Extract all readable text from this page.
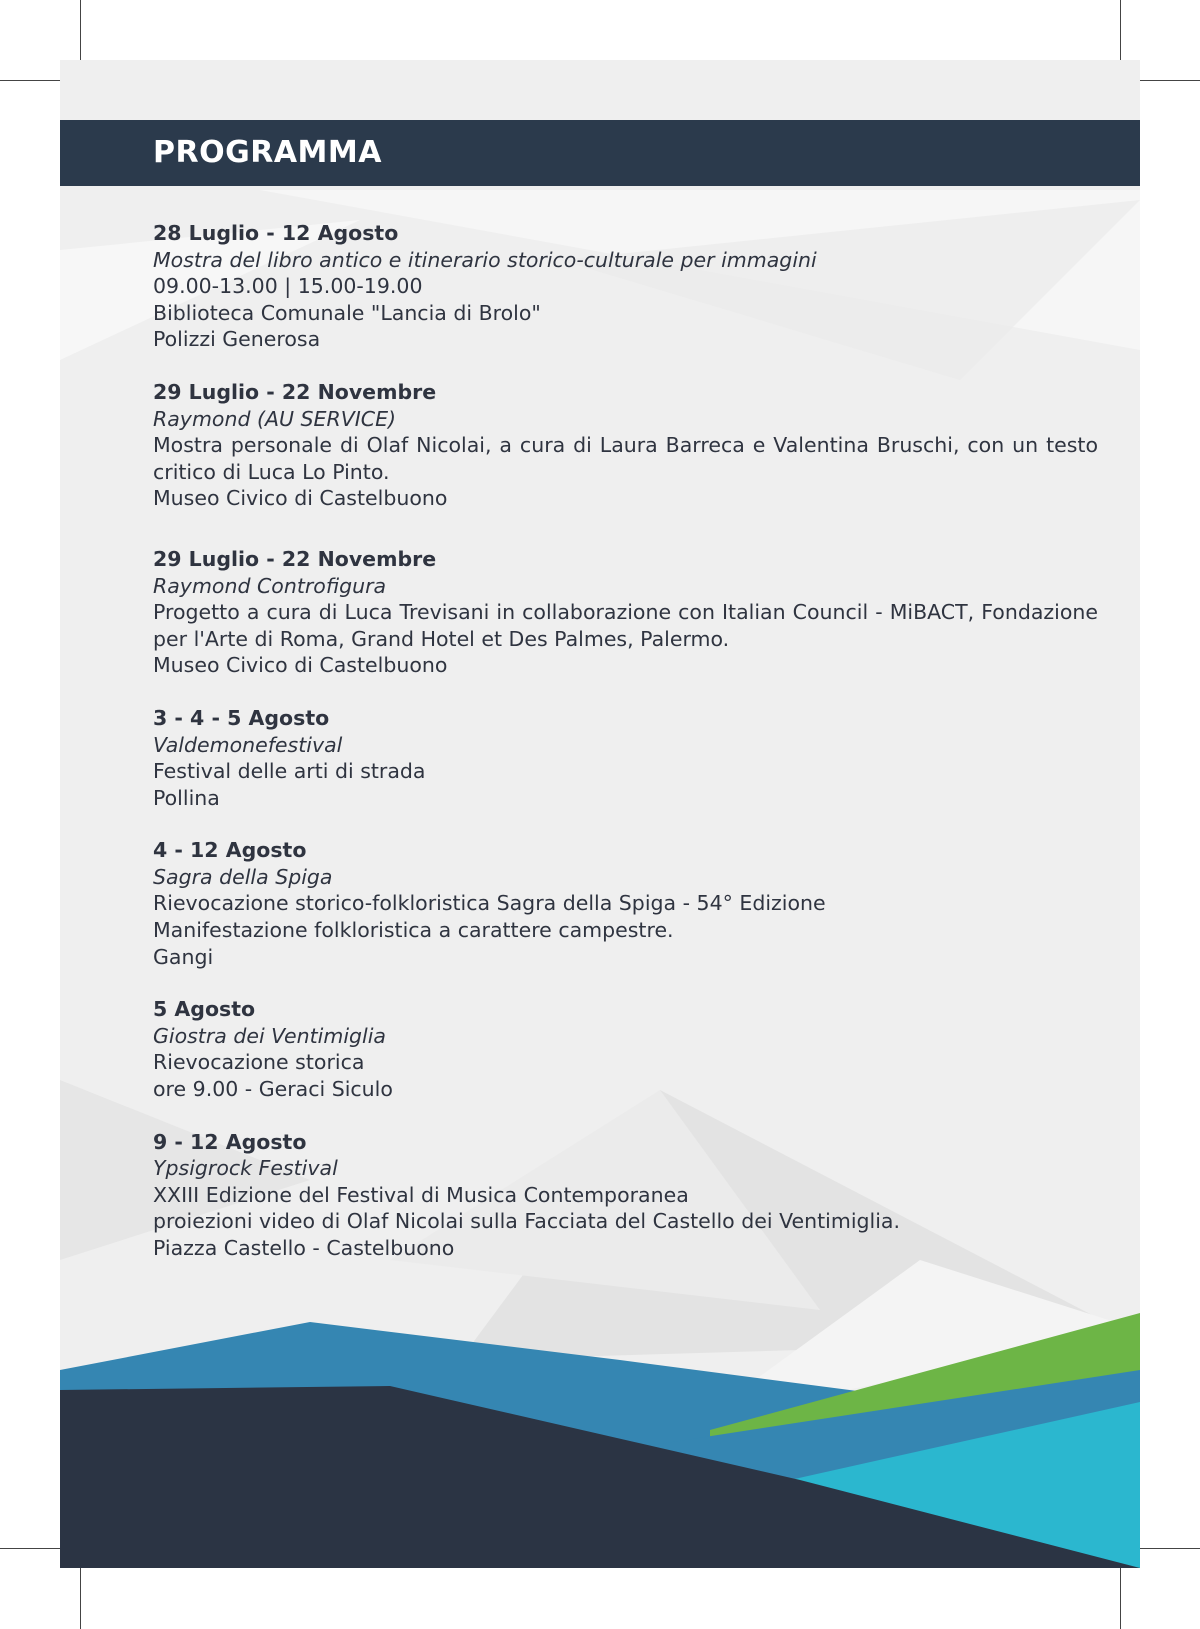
PROGRAMMA
28 Luglio - 12 Agosto
Mostra del libro antico e itinerario storico-culturale per immagini
09.00-13.00 | 15.00-19.00
Biblioteca Comunale "Lancia di Brolo"
Polizzi Generosa
29 Luglio - 22 Novembre
Raymond (AU SERVICE)
Mostra personale di Olaf Nicolai, a cura di Laura Barreca e Valentina Bruschi, con un testo critico di Luca Lo Pinto.
Museo Civico di Castelbuono
29 Luglio - 22 Novembre
Raymond Controfigura
Progetto a cura di Luca Trevisani in collaborazione con Italian Council - MiBACT, Fondazione per l'Arte di Roma, Grand Hotel et Des Palmes, Palermo.
Museo Civico di Castelbuono
3 - 4 - 5 Agosto
Valdemonefestival
Festival delle arti di strada
Pollina
4 - 12 Agosto
Sagra della Spiga
Rievocazione storico-folkloristica Sagra della Spiga - 54° Edizione
Manifestazione folkloristica a carattere campestre.
Gangi
5 Agosto
Giostra dei Ventimiglia
Rievocazione storica
ore 9.00 - Geraci Siculo
9 - 12 Agosto
Ypsigrock Festival
XXIII Edizione del Festival di Musica Contemporanea
proiezioni video di Olaf Nicolai sulla Facciata del Castello dei Ventimiglia.
Piazza Castello - Castelbuono
